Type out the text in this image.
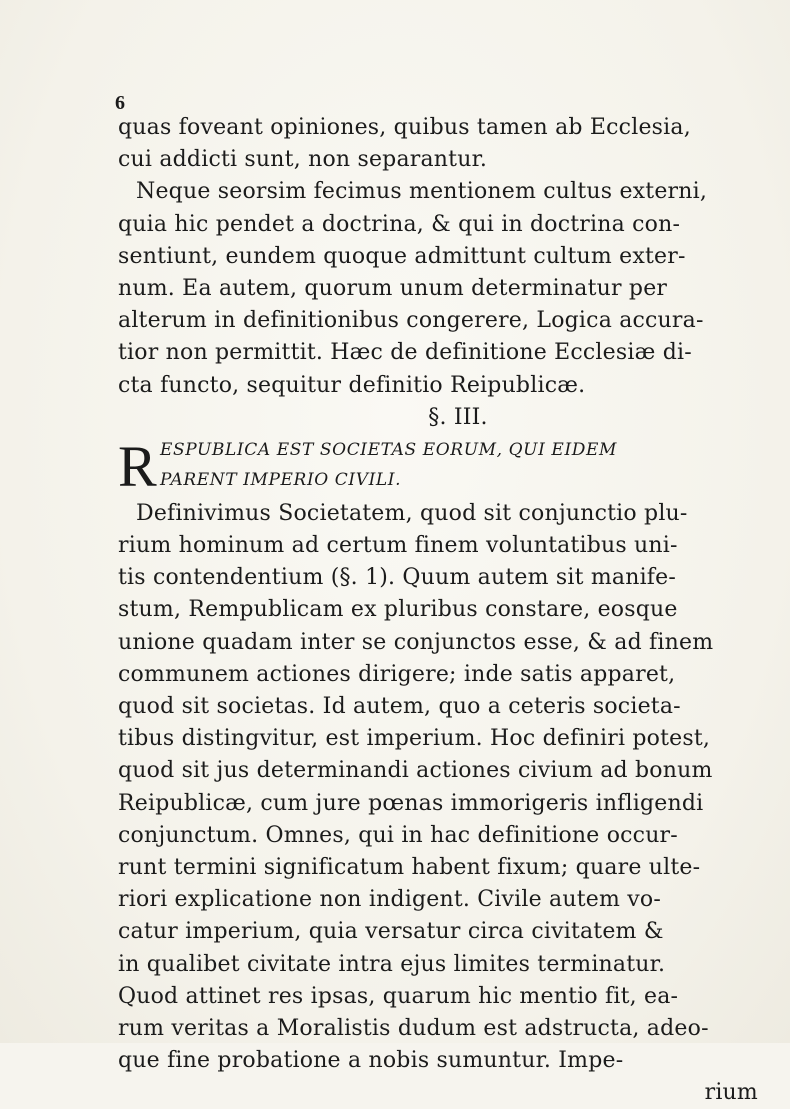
6
quas foveant opiniones, quibus tamen ab Ecclesia,
cui addicti sunt, non separantur.
Neque seorsim fecimus mentionem cultus externi,
quia hic pendet a doctrina, & qui in doctrina con-
sentiunt, eundem quoque admittunt cultum exter-
num. Ea autem, quorum unum determinatur per
alterum in definitionibus congerere, Logica accura-
tior non permittit. Hæc de definitione Ecclesiæ di-
cta functo, sequitur definitio Reipublicæ.
§. III.
R ESPUBLICA EST SOCIETAS EORUM, QUI EIDEM
PARENT IMPERIO CIVILI.
Definivimus Societatem, quod sit conjunctio plu-
rium hominum ad certum finem voluntatibus uni-
tis contendentium (§. 1). Quum autem sit manife-
stum, Rempublicam ex pluribus constare, eosque
unione quadam inter se conjunctos esse, & ad finem
communem actiones dirigere; inde satis apparet,
quod sit societas. Id autem, quo a ceteris societa-
tibus distingvitur, est imperium. Hoc definiri potest,
quod sit jus determinandi actiones civium ad bonum
Reipublicæ, cum jure pœnas immorigeris infligendi
conjunctum. Omnes, qui in hac definitione occur-
runt termini significatum habent fixum; quare ulte-
riori explicatione non indigent. Civile autem vo-
catur imperium, quia versatur circa civitatem &
in qualibet civitate intra ejus limites terminatur.
Quod attinet res ipsas, quarum hic mentio fit, ea-
rum veritas a Moralistis dudum est adstructa, adeo-
que fine probatione a nobis sumuntur. Impe-
rium
